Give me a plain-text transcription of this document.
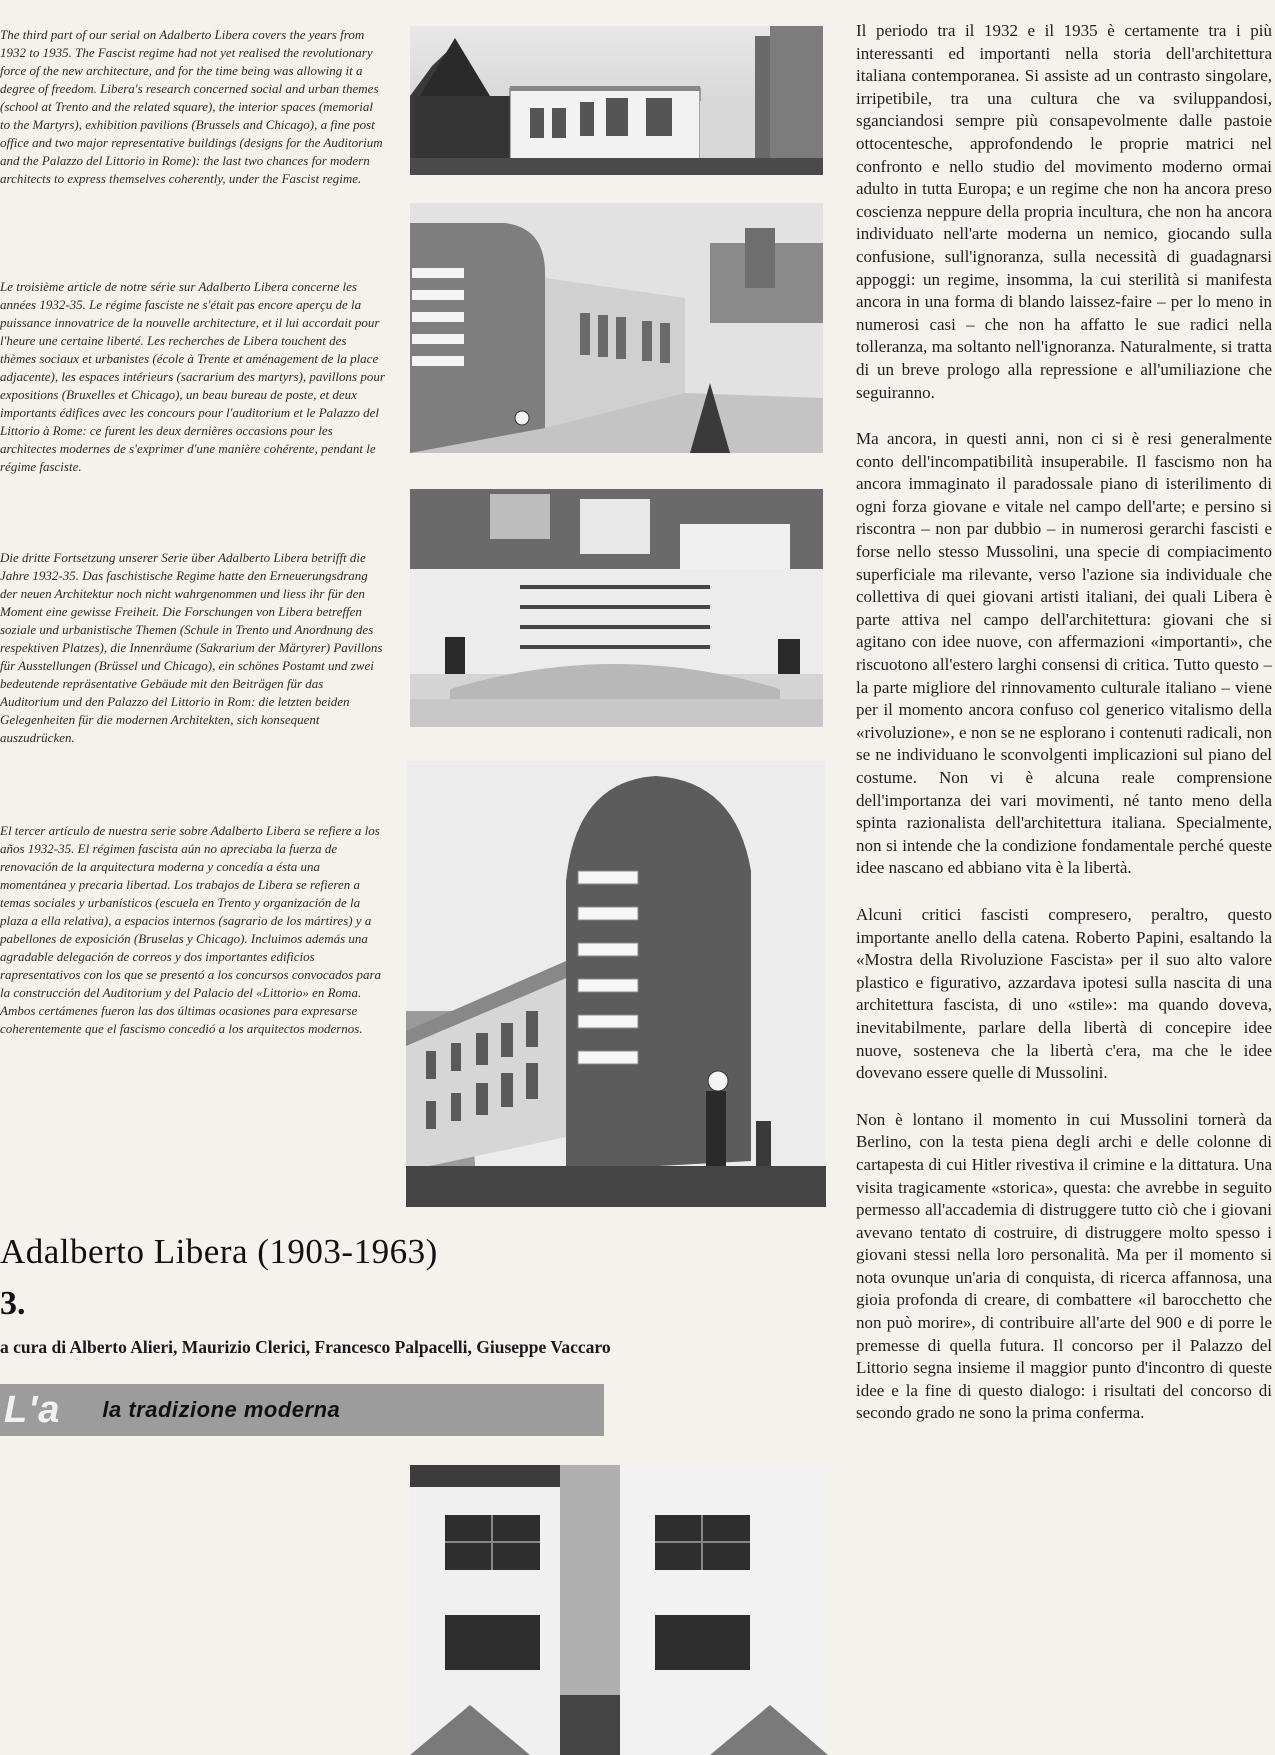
The third part of our serial on Adalberto Libera covers the years from 1932 to 1935. The Fascist regime had not yet realised the revolutionary force of the new architecture, and for the time being was allowing it a degree of freedom. Libera's research concerned social and urban themes (school at Trento and the related square), the interior spaces (memorial to the Martyrs), exhibition pavilions (Brussels and Chicago), a fine post office and two major representative buildings (designs for the Auditorium and the Palazzo del Littorio in Rome): the last two chances for modern architects to express themselves coherently, under the Fascist regime.

Le troisième article de notre série sur Adalberto Libera concerne les années 1932-35. Le régime fasciste ne s'était pas encore aperçu de la puissance innovatrice de la nouvelle architecture, et il lui accordait pour l'heure une certaine liberté. Les recherches de Libera touchent des thèmes sociaux et urbanistes (école à Trente et aménagement de la place adjacente), les espaces intérieurs (sacrarium des martyrs), pavillons pour expositions (Bruxelles et Chicago), un beau bureau de poste, et deux importants édifices avec les concours pour l'auditorium et le Palazzo del Littorio à Rome: ce furent les deux dernières occasions pour les architectes modernes de s'exprimer d'une manière cohérente, pendant le régime fasciste.

Die dritte Fortsetzung unserer Serie über Adalberto Libera betrifft die Jahre 1932-35. Das faschistische Regime hatte den Erneuerungsdrang der neuen Architektur noch nicht wahrgenommen und liess ihr für den Moment eine gewisse Freiheit. Die Forschungen von Libera betreffen soziale und urbanistische Themen (Schule in Trento und Anordnung des respektiven Platzes), die Innenräume (Sakrarium der Märtyrer) Pavillons für Ausstellungen (Brüssel und Chicago), ein schönes Postamt und zwei bedeutende repräsentative Gebäude mit den Beiträgen für das Auditorium und den Palazzo del Littorio in Rom: die letzten beiden Gelegenheiten für die modernen Architekten, sich konsequent auszudrücken.

El tercer artículo de nuestra serie sobre Adalberto Libera se refiere a los años 1932-35. El régimen fascista aún no apreciaba la fuerza de renovación de la arquitectura moderna y concedía a ésta una momentánea y precaria libertad. Los trabajos de Libera se refieren a temas sociales y urbanísticos (escuela en Trento y organización de la plaza a ella relativa), a espacios internos (sagrario de los mártires) y a pabellones de exposición (Bruselas y Chicago). Incluimos además una agradable delegación de correos y dos importantes edificios rapresentativos con los que se presentó a los concursos convocados para la construcción del Auditorium y del Palacio del «Littorio» en Roma. Ambos certámenes fueron las dos últimas ocasiones para expresarse coherentemente que el fascismo concedió a los arquitectos modernos.

Adalberto Libera (1903-1963)
3.

a cura di Alberto Alieri, Maurizio Clerici, Francesco Palpacelli, Giuseppe Vaccaro

L'a la tradizione moderna

Il periodo tra il 1932 e il 1935 è certamente tra i più interessanti ed importanti nella storia dell'architettura italiana contemporanea. Si assiste ad un contrasto singolare, irripetibile, tra una cultura che va sviluppandosi, sganciandosi sempre più consapevolmente dalle pastoie ottocentesche, approfondendo le proprie matrici nel confronto e nello studio del movimento moderno ormai adulto in tutta Europa; e un regime che non ha ancora preso coscienza neppure della propria incultura, che non ha ancora individuato nell'arte moderna un nemico, giocando sulla confusione, sull'ignoranza, sulla necessità di guadagnarsi appoggi: un regime, insomma, la cui sterilità si manifesta ancora in una forma di blando laissez-faire – per lo meno in numerosi casi – che non ha affatto le sue radici nella tolleranza, ma soltanto nell'ignoranza. Naturalmente, si tratta di un breve prologo alla repressione e all'umiliazione che seguiranno.

Ma ancora, in questi anni, non ci si è resi generalmente conto dell'incompatibilità insuperabile. Il fascismo non ha ancora immaginato il paradossale piano di isterilimento di ogni forza giovane e vitale nel campo dell'arte; e persino si riscontra – non par dubbio – in numerosi gerarchi fascisti e forse nello stesso Mussolini, una specie di compiacimento superficiale ma rilevante, verso l'azione sia individuale che collettiva di quei giovani artisti italiani, dei quali Libera è parte attiva nel campo dell'architettura: giovani che si agitano con idee nuove, con affermazioni «importanti», che riscuotono all'estero larghi consensi di critica. Tutto questo – la parte migliore del rinnovamento culturale italiano – viene per il momento ancora confuso col generico vitalismo della «rivoluzione», e non se ne esplorano i contenuti radicali, non se ne individuano le sconvolgenti implicazioni sul piano del costume. Non vi è alcuna reale comprensione dell'importanza dei vari movimenti, né tanto meno della spinta razionalista dell'architettura italiana. Specialmente, non si intende che la condizione fondamentale perché queste idee nascano ed abbiano vita è la libertà.

Alcuni critici fascisti compresero, peraltro, questo importante anello della catena. Roberto Papini, esaltando la «Mostra della Rivoluzione Fascista» per il suo alto valore plastico e figurativo, azzardava ipotesi sulla nascita di una architettura fascista, di uno «stile»: ma quando doveva, inevitabilmente, parlare della libertà di concepire idee nuove, sosteneva che la libertà c'era, ma che le idee dovevano essere quelle di Mussolini.

Non è lontano il momento in cui Mussolini tornerà da Berlino, con la testa piena degli archi e delle colonne di cartapesta di cui Hitler rivestiva il crimine e la dittatura. Una visita tragicamente «storica», questa: che avrebbe in seguito permesso all'accademia di distruggere tutto ciò che i giovani avevano tentato di costruire, di distruggere molto spesso i giovani stessi nella loro personalità. Ma per il momento si nota ovunque un'aria di conquista, di ricerca affannosa, una gioia profonda di creare, di combattere «il barocchetto che non può morire», di contribuire all'arte del 900 e di porre le premesse di quella futura. Il concorso per il Palazzo del Littorio segna insieme il maggior punto d'incontro di queste idee e la fine di questo dialogo: i risultati del concorso di secondo grado ne sono la prima conferma.
